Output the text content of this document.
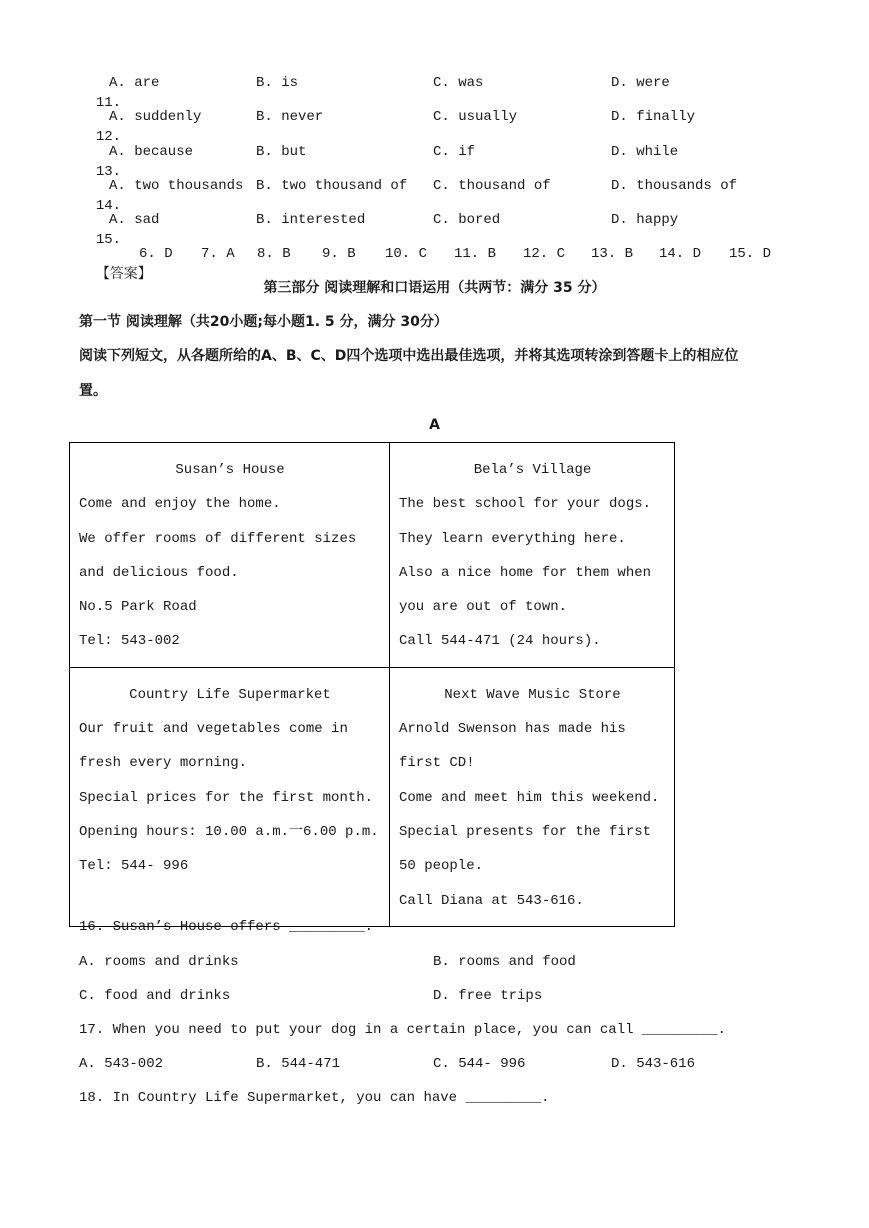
11.

A. are

	B. is

	C. was

	D. were

12.

A. suddenly

	B. never

	C. usually

	D. finally

13.

A. because

	B. but

	C. if

	D. while

14.

A. two thousands

B. two thousand of

C. thousand of

	D. thousands of

15.

A. sad

	B. interested

	C. bored

	D. happy

【答案】

6. D

7. A

8. B

9. B

10. C

11. B

12. C

13. B

14. D

15. D

第三部分 阅读理解和口语运用（共两节：满分 35 分）
第一节 阅读理解（共20小题;每小题1. 5 分，满分 30分）
阅读下列短文，从各题所给的A、B、C、D四个选项中选出最佳选项，并将其选项转涂到答题卡上的相应位
置。
A
Susan’s House
Come and enjoy the home.
We offer rooms of different sizes and delicious food.
No.5 Park Road
Tel: 543-002	Bela’s Village
The best school for your dogs. They learn everything here.
Also a nice home for them when you are out of town.
Call 544-471 (24 hours).

Country Life Supermarket
Our fruit and vegetables come in fresh every morning.
Special prices for the first month.
Opening hours: 10.00 a.m.一6.00 p.m.
Tel: 544- 996	Next Wave Music Store
Arnold Swenson has made his first CD!
Come and meet him this weekend.
Special presents for the first 50 people.
Call Diana at 543-616.
16. Susan’s House offers _________.

A. rooms and drinks

	B. rooms and food

C. food and drinks

	D. free trips

17. When you need to put your dog in a certain place, you can call _________.

A. 543-002

	B. 544-471

	C. 544- 996

	D. 543-616

18. In Country Life Supermarket, you can have _________.
